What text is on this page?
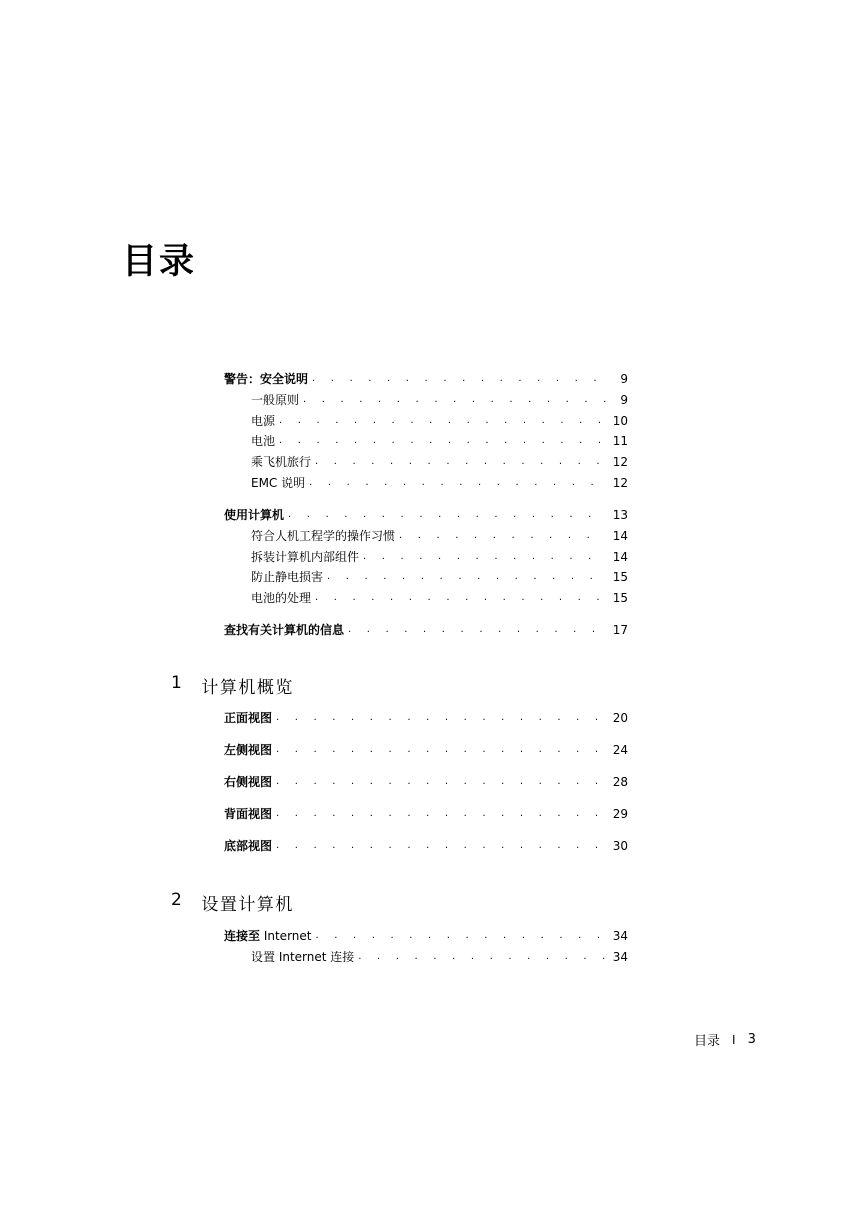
目录
警告：安全说明 . . .	9
一般原则 . . .	9
电源 . . .	10
电池 . . .	11
乘飞机旅行 . . .	12
EMC 说明 . . .	12
使用计算机 . . .	13
符合人机工程学的操作习惯 . . .	14
拆装计算机内部组件 . . .	14
防止静电损害 . . .	15
电池的处理 . . .	15
查找有关计算机的信息 . . .	17
1 计算机概览
正面视图 . . .	20
左侧视图 . . .	24
右侧视图 . . .	28
背面视图 . . .	29
底部视图 . . .	30
2 设置计算机
连接至 Internet . . .	34
设置 Internet 连接 . . .	34
目录 I 3
